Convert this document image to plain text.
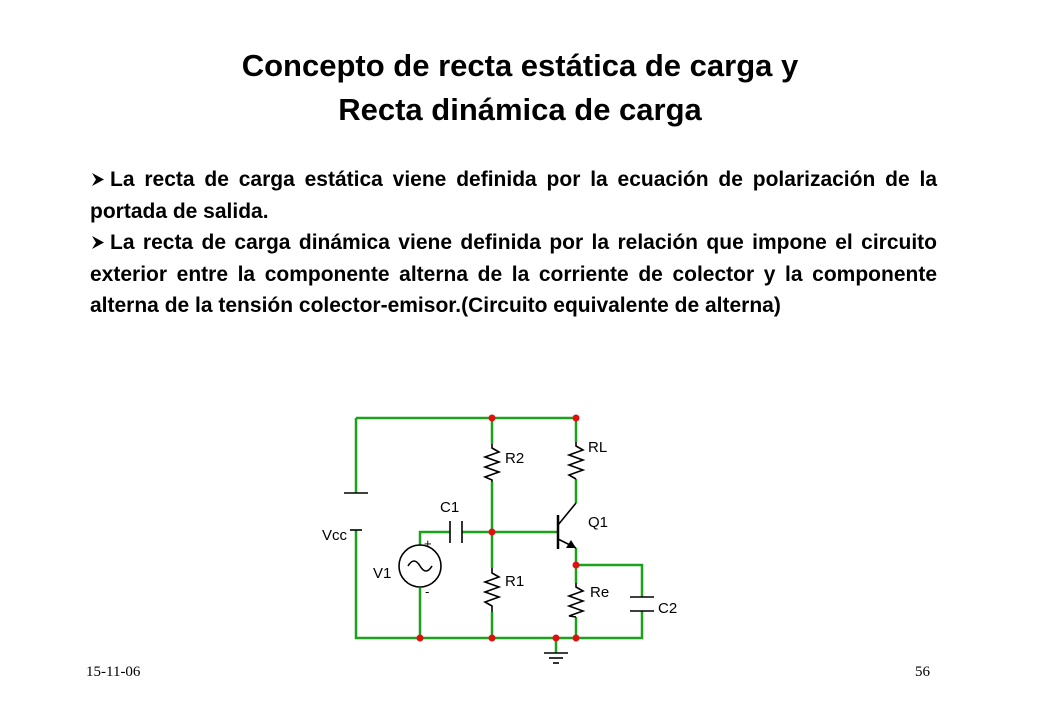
Concepto de recta estática de carga y
Recta dinámica de carga

La recta de carga estática viene definida por la ecuación de polarización de la portada de salida.

La recta de carga dinámica viene definida por la relación que impone el circuito exterior entre la componente alterna de la corriente de colector y la componente alterna de la tensión colector-emisor.(Circuito equivalente de alterna)

R2
RL
C1
Q1
Vcc
V1
+
-
R1
Re
C2
15-11-06	56
